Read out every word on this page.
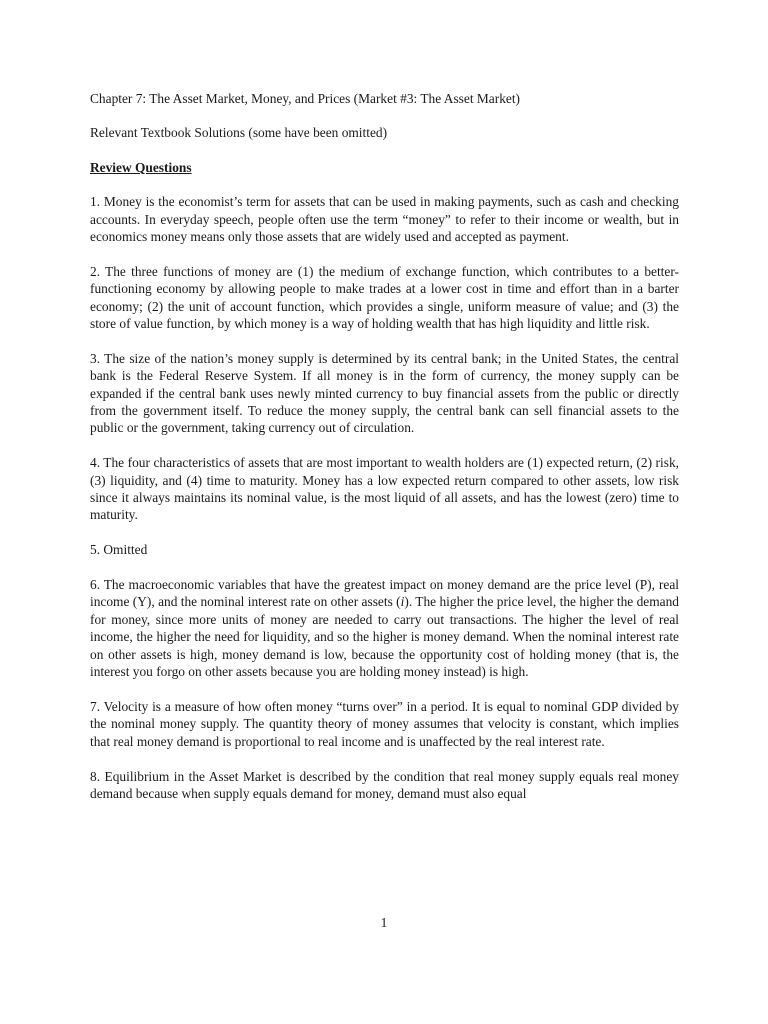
Chapter 7: The Asset Market, Money, and Prices (Market #3: The Asset Market)

Relevant Textbook Solutions (some have been omitted)

Review Questions

1. Money is the economist’s term for assets that can be used in making payments, such as cash and checking accounts. In everyday speech, people often use the term “money” to refer to their income or wealth, but in economics money means only those assets that are widely used and accepted as payment.

2. The three functions of money are (1) the medium of exchange function, which contributes to a better-functioning economy by allowing people to make trades at a lower cost in time and effort than in a barter economy; (2) the unit of account function, which provides a single, uniform measure of value; and (3) the store of value function, by which money is a way of holding wealth that has high liquidity and little risk.

3. The size of the nation’s money supply is determined by its central bank; in the United States, the central bank is the Federal Reserve System. If all money is in the form of currency, the money supply can be expanded if the central bank uses newly minted currency to buy financial assets from the public or directly from the government itself. To reduce the money supply, the central bank can sell financial assets to the public or the government, taking currency out of circulation.

4. The four characteristics of assets that are most important to wealth holders are (1) expected return, (2) risk, (3) liquidity, and (4) time to maturity. Money has a low expected return compared to other assets, low risk since it always maintains its nominal value, is the most liquid of all assets, and has the lowest (zero) time to maturity.

5. Omitted

6. The macroeconomic variables that have the greatest impact on money demand are the price level (P), real income (Y), and the nominal interest rate on other assets (i). The higher the price level, the higher the demand for money, since more units of money are needed to carry out transactions. The higher the level of real income, the higher the need for liquidity, and so the higher is money demand. When the nominal interest rate on other assets is high, money demand is low, because the opportunity cost of holding money (that is, the interest you forgo on other assets because you are holding money instead) is high.

7. Velocity is a measure of how often money “turns over” in a period. It is equal to nominal GDP divided by the nominal money supply. The quantity theory of money assumes that velocity is constant, which implies that real money demand is proportional to real income and is unaffected by the real interest rate.

8. Equilibrium in the Asset Market is described by the condition that real money supply equals real money demand because when supply equals demand for money, demand must also equal

1
